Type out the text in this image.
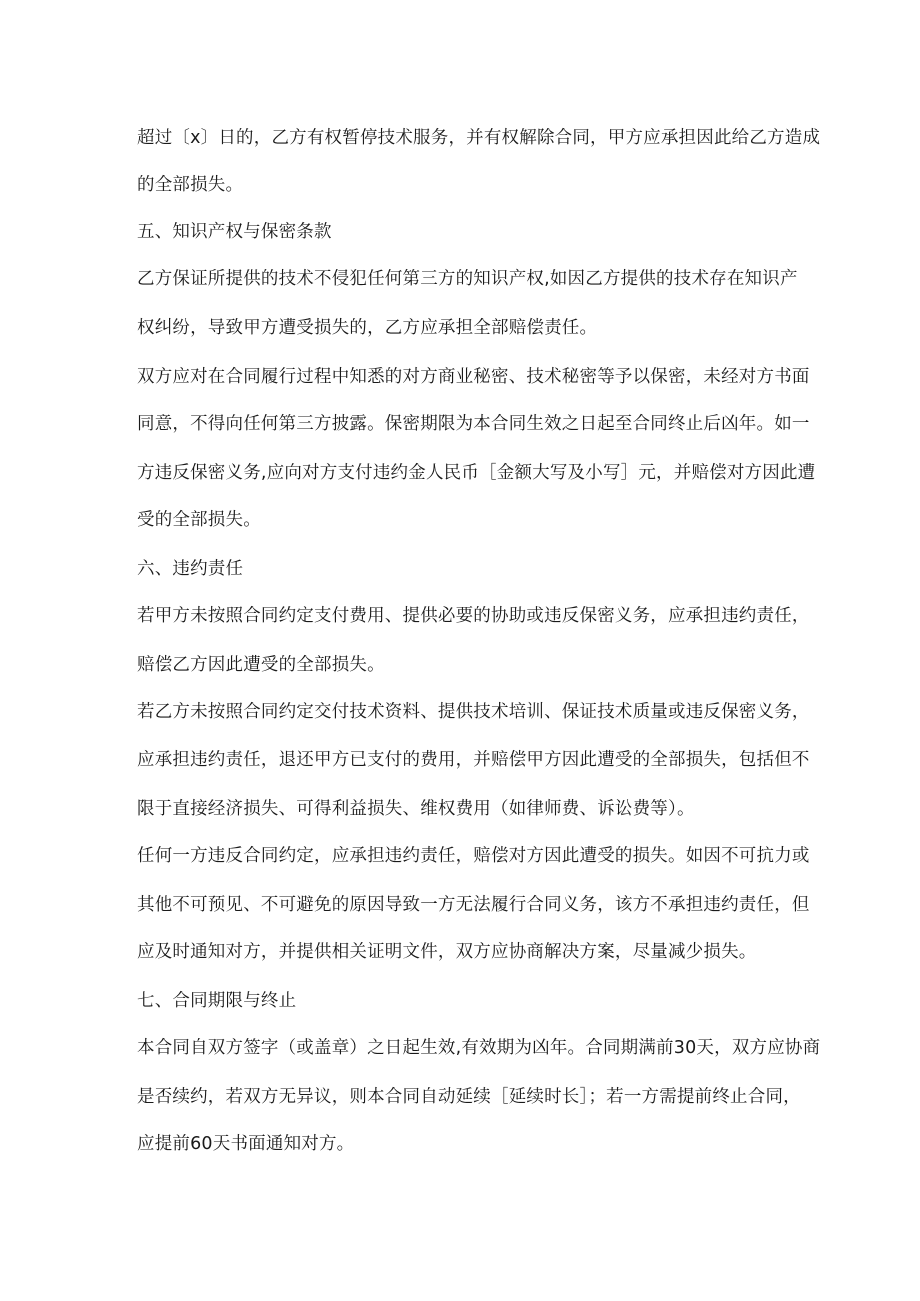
超过〔x〕日的，乙方有权暂停技术服务，并有权解除合同，甲方应承担因此给乙方造成
的全部损失。
五、知识产权与保密条款
乙方保证所提供的技术不侵犯任何第三方的知识产权,如因乙方提供的技术存在知识产
权纠纷，导致甲方遭受损失的，乙方应承担全部赔偿责任。
双方应对在合同履行过程中知悉的对方商业秘密、技术秘密等予以保密，未经对方书面
同意，不得向任何第三方披露。保密期限为本合同生效之日起至合同终止后凶年。如一
方违反保密义务,应向对方支付违约金人民币［金额大写及小写］元，并赔偿对方因此遭
受的全部损失。
六、违约责任
若甲方未按照合同约定支付费用、提供必要的协助或违反保密义务，应承担违约责任，
赔偿乙方因此遭受的全部损失。
若乙方未按照合同约定交付技术资料、提供技术培训、保证技术质量或违反保密义务，
应承担违约责任，退还甲方已支付的费用，并赔偿甲方因此遭受的全部损失，包括但不
限于直接经济损失、可得利益损失、维权费用（如律师费、诉讼费等）。
任何一方违反合同约定，应承担违约责任，赔偿对方因此遭受的损失。如因不可抗力或
其他不可预见、不可避免的原因导致一方无法履行合同义务，该方不承担违约责任，但
应及时通知对方，并提供相关证明文件，双方应协商解决方案，尽量减少损失。
七、合同期限与终止
本合同自双方签字（或盖章）之日起生效,有效期为凶年。合同期满前30天，双方应协商
是否续约，若双方无异议，则本合同自动延续［延续时长］；若一方需提前终止合同，
应提前60天书面通知对方。
